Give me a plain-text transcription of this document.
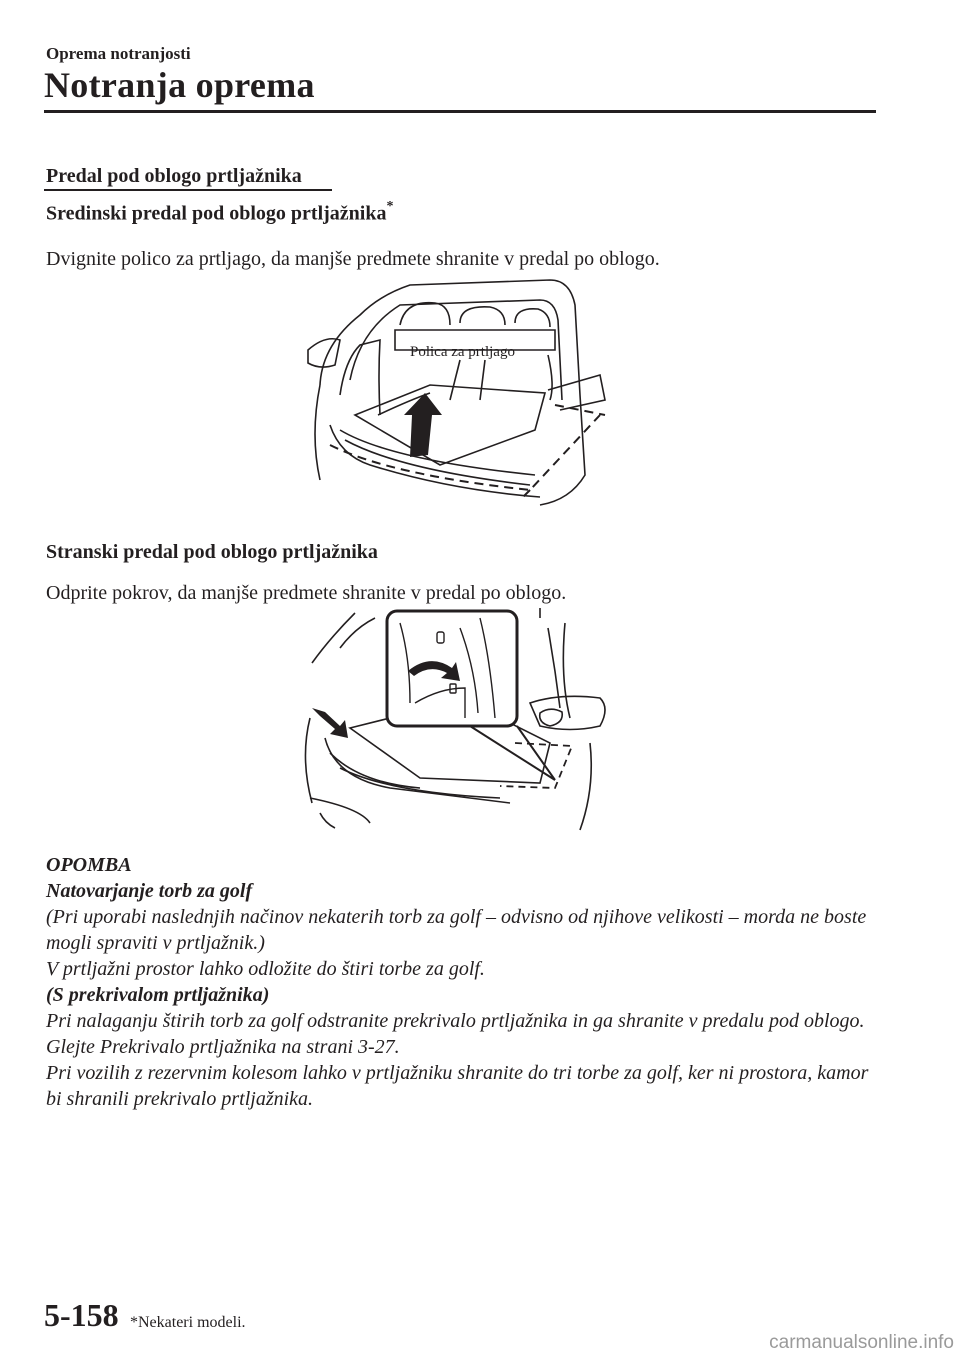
Oprema notranjosti
Notranja oprema
Predal pod oblogo prtljažnika
Sredinski predal pod oblogo prtljažnika*
Dvignite polico za prtljago, da manjše predmete shranite v predal po oblogo.
Polica za prtljago
Stranski predal pod oblogo prtljažnika
Odprite pokrov, da manjše predmete shranite v predal po oblogo.
OPOMBA
Natovarjanje torb za golf
(Pri uporabi naslednjih načinov nekaterih torb za golf – odvisno od njihove velikosti – morda ne boste mogli spraviti v prtljažnik.)
V prtljažni prostor lahko odložite do štiri torbe za golf.
(S prekrivalom prtljažnika)
Pri nalaganju štirih torb za golf odstranite prekrivalo prtljažnika in ga shranite v predalu pod oblogo.
Glejte Prekrivalo prtljažnika na strani 3-27.
Pri vozilih z rezervnim kolesom lahko v prtljažniku shranite do tri torbe za golf, ker ni prostora, kamor bi shranili prekrivalo prtljažnika.
5-158 *Nekateri modeli.
carmanualsonline.info
